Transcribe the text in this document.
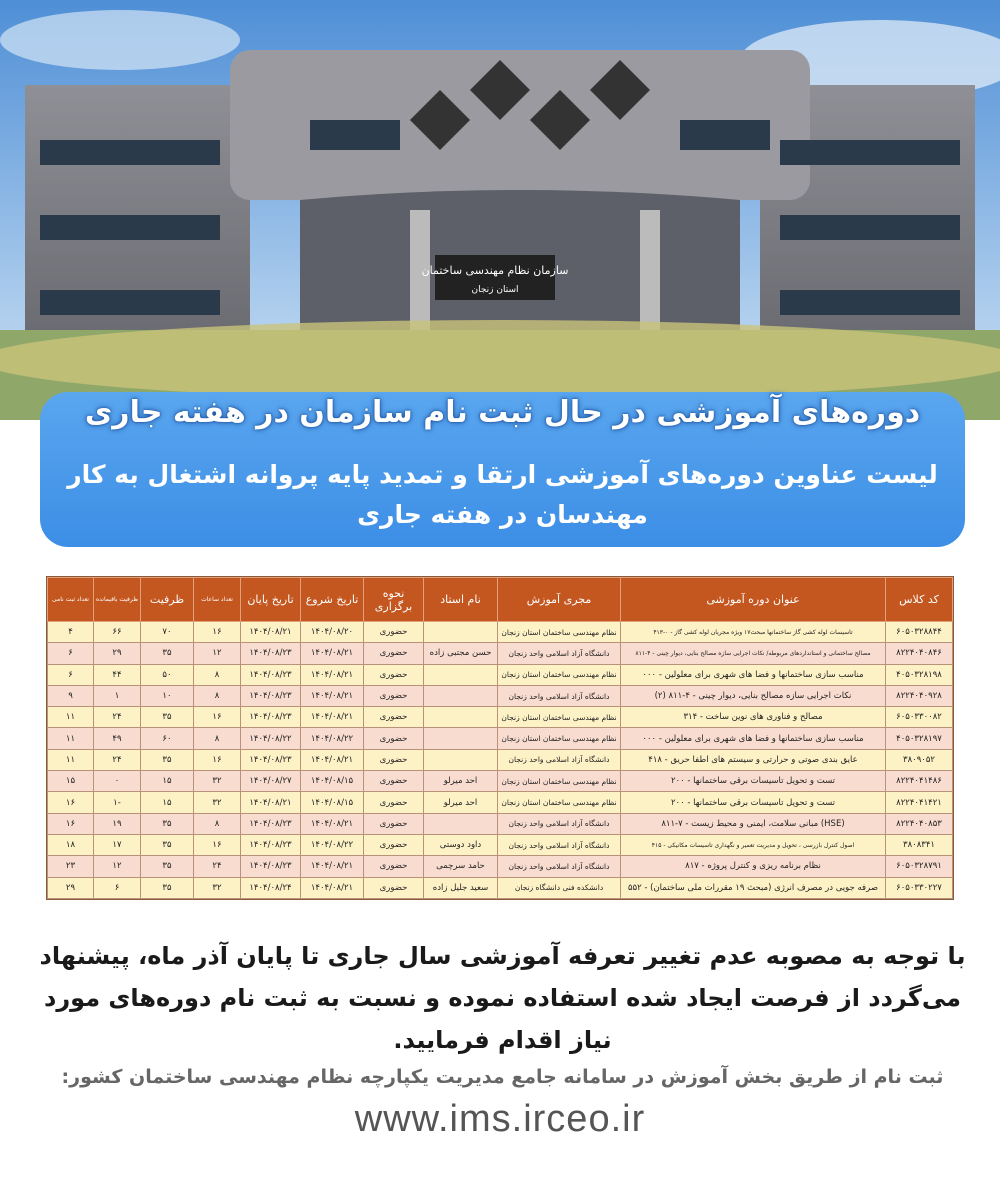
سازمان نظام مهندسی ساختمان
استان زنجان
دوره‌های آموزشی در حال ثبت نام سازمان در هفته جاری
لیست عناوین دوره‌های آموزشی ارتقا و تمدید پایه پروانه اشتغال به کار مهندسان در هفته جاری
کد کلاس	عنوان دوره آموزشی	مجری آموزش	نام استاد	نحوه برگزاری	تاریخ شروع	تاریخ پایان	تعداد ساعات	ظرفیت	ظرفیت باقیمانده	تعداد ثبت نامی
۶۰۵۰۳۲۸۸۴۴	تاسیسات لوله کشی گاز ساختمانها مبحث۱۷ ویژه مجریان لوله کشی گاز - ۰-۴۱۳	نظام مهندسی ساختمان استان زنجان		حضوری	۱۴۰۴/۰۸/۲۰	۱۴۰۴/۰۸/۲۱	۱۶	۷۰	۶۶	۴
۸۲۲۴۰۴۰۸۴۶	مصالح ساختمانی و استانداردهای مربوطه/ نکات اجرایی سازه مصالح بنایی، دیوار چینی - ۴-۸۱۱	دانشگاه آزاد اسلامی واحد زنجان	حسن مجتبی زاده	حضوری	۱۴۰۴/۰۸/۲۱	۱۴۰۴/۰۸/۲۳	۱۲	۳۵	۲۹	۶
۴۰۵۰۳۲۸۱۹۸	مناسب سازی ساختمانها و فضا های شهری برای معلولین - ۰۰۰	نظام مهندسی ساختمان استان زنجان		حضوری	۱۴۰۴/۰۸/۲۱	۱۴۰۴/۰۸/۲۳	۸	۵۰	۴۴	۶
۸۲۲۴۰۴۰۹۲۸	نکات اجرایی سازه مصالح بنایی، دیوار چینی - ۴-۸۱۱ (۲)	دانشگاه آزاد اسلامی واحد زنجان		حضوری	۱۴۰۴/۰۸/۲۱	۱۴۰۴/۰۸/۲۳	۸	۱۰	۱	۹
۶۰۵۰۳۳۰۰۸۲	مصالح و فناوری های نوین ساخت - ۳۱۴	نظام مهندسی ساختمان استان زنجان		حضوری	۱۴۰۴/۰۸/۲۱	۱۴۰۴/۰۸/۲۳	۱۶	۳۵	۲۴	۱۱
۴۰۵۰۳۲۸۱۹۷	مناسب سازی ساختمانها و فضا های شهری برای معلولین - ۰۰۰	نظام مهندسی ساختمان استان زنجان		حضوری	۱۴۰۴/۰۸/۲۲	۱۴۰۴/۰۸/۲۲	۸	۶۰	۴۹	۱۱
۳۸۰۹۰۵۲	عایق بندی صوتی و حرارتی و سیستم های اطفا حریق - ۴۱۸	دانشگاه آزاد اسلامی واحد زنجان		حضوری	۱۴۰۴/۰۸/۲۱	۱۴۰۴/۰۸/۲۳	۱۶	۳۵	۲۴	۱۱
۸۲۲۴۰۴۱۴۸۶	تست و تحویل تاسیسات برقی ساختمانها - ۲۰۰	نظام مهندسی ساختمان استان زنجان	احد میرلو	حضوری	۱۴۰۴/۰۸/۱۵	۱۴۰۴/۰۸/۲۷	۳۲	۱۵	۰	۱۵
۸۲۲۴۰۴۱۴۲۱	تست و تحویل تاسیسات برقی ساختمانها - ۲۰۰	نظام مهندسی ساختمان استان زنجان	احد میرلو	حضوری	۱۴۰۴/۰۸/۱۵	۱۴۰۴/۰۸/۲۱	۳۲	۱۵	-۱	۱۶
۸۲۲۴۰۴۰۸۵۳	(HSE) مبانی سلامت، ایمنی و محیط زیست - ۷-۸۱۱	دانشگاه آزاد اسلامی واحد زنجان		حضوری	۱۴۰۴/۰۸/۲۱	۱۴۰۴/۰۸/۲۳	۸	۳۵	۱۹	۱۶
۳۸۰۸۳۴۱	اصول کنترل بازرسی ، تحویل و مدیریت تعمیر و نگهداری تاسیسات مکانیکی - ۴۱۵	دانشگاه آزاد اسلامی واحد زنجان	داود دوستی	حضوری	۱۴۰۴/۰۸/۲۲	۱۴۰۴/۰۸/۲۳	۱۶	۳۵	۱۷	۱۸
۶۰۵۰۳۲۸۷۹۱	نظام برنامه ریزی و کنترل پروژه - ۸۱۷	دانشگاه آزاد اسلامی واحد زنجان	حامد سرچمی	حضوری	۱۴۰۴/۰۸/۲۱	۱۴۰۴/۰۸/۲۳	۲۴	۳۵	۱۲	۲۳
۶۰۵۰۳۳۰۲۲۷	صرفه جویی در مصرف انرژی (مبحث ۱۹ مقررات ملی ساختمان) - ۵۵۲	دانشکده فنی دانشگاه زنجان	سعید جلیل زاده	حضوری	۱۴۰۴/۰۸/۲۱	۱۴۰۴/۰۸/۲۴	۳۲	۳۵	۶	۲۹
با توجه به مصوبه عدم تغییر تعرفه آموزشی سال جاری تا پایان آذر ماه، پیشنهاد می‌گردد از فرصت ایجاد شده استفاده نموده و نسبت به ثبت نام دوره‌های مورد نیاز اقدام فرمایید.
ثبت نام از طریق بخش آموزش در سامانه جامع مدیریت یکپارچه نظام مهندسی ساختمان کشور:
www.ims.irceo.ir
